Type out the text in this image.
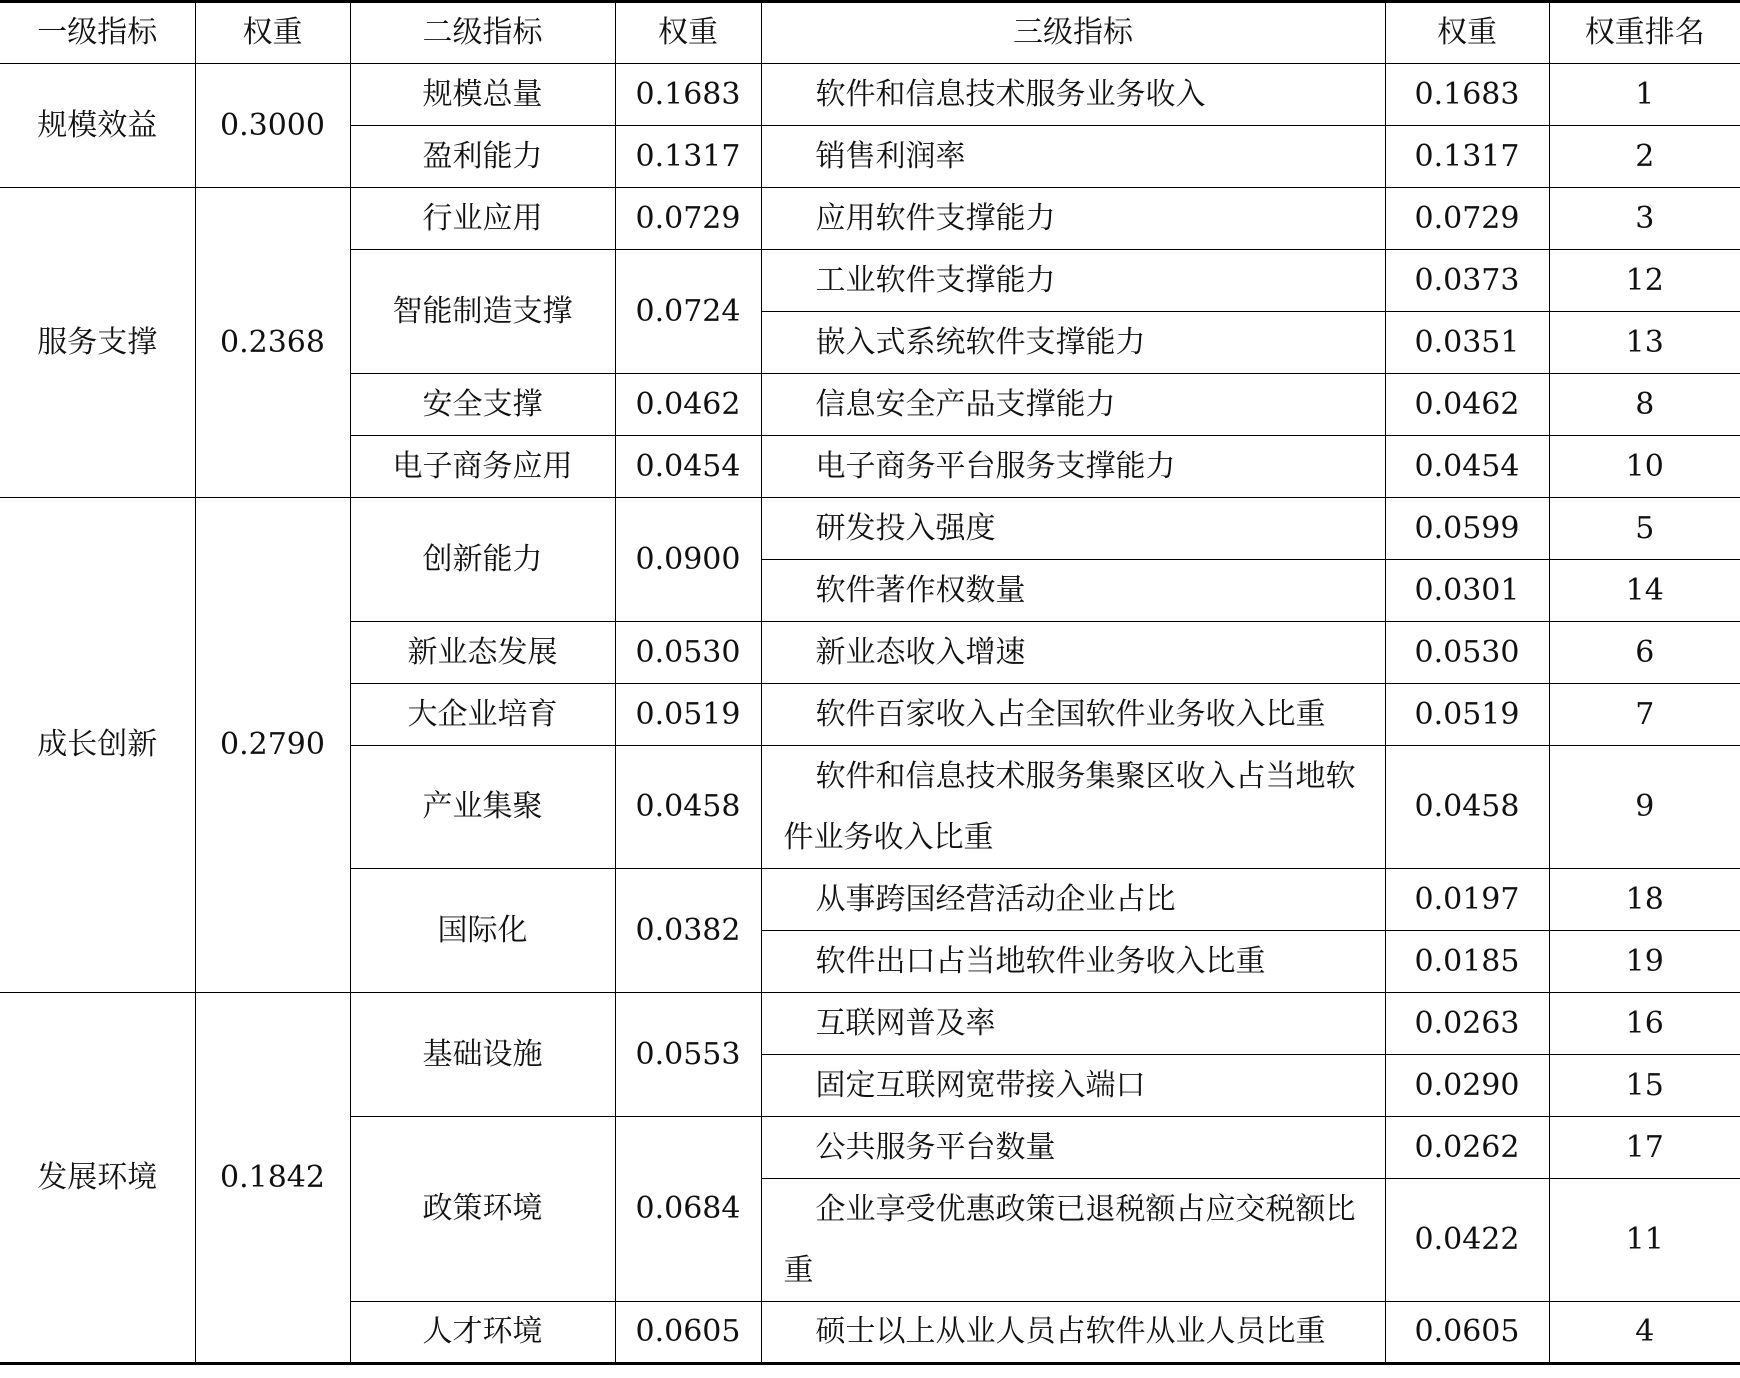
一级指标	权重	二级指标	权重	三级指标	权重	权重排名
规模效益	0.3000	规模总量	0.1683	软件和信息技术服务业务收入	0.1683	1
		盈利能力	0.1317	销售利润率	0.1317	2
服务支撑	0.2368	行业应用	0.0729	应用软件支撑能力	0.0729	3
		智能制造支撑	0.0724	工业软件支撑能力	0.0373	12
				嵌入式系统软件支撑能力	0.0351	13
		安全支撑	0.0462	信息安全产品支撑能力	0.0462	8
		电子商务应用	0.0454	电子商务平台服务支撑能力	0.0454	10
成长创新	0.2790	创新能力	0.0900	研发投入强度	0.0599	5
				软件著作权数量	0.0301	14
		新业态发展	0.0530	新业态收入增速	0.0530	6
		大企业培育	0.0519	软件百家收入占全国软件业务收入比重	0.0519	7
		产业集聚	0.0458	软件和信息技术服务集聚区收入占当地软件业务收入比重	0.0458	9
		国际化	0.0382	从事跨国经营活动企业占比	0.0197	18
				软件出口占当地软件业务收入比重	0.0185	19
发展环境	0.1842	基础设施	0.0553	互联网普及率	0.0263	16
				固定互联网宽带接入端口	0.0290	15
		政策环境	0.0684	公共服务平台数量	0.0262	17
				企业享受优惠政策已退税额占应交税额比重	0.0422	11
		人才环境	0.0605	硕士以上从业人员占软件从业人员比重	0.0605	4
